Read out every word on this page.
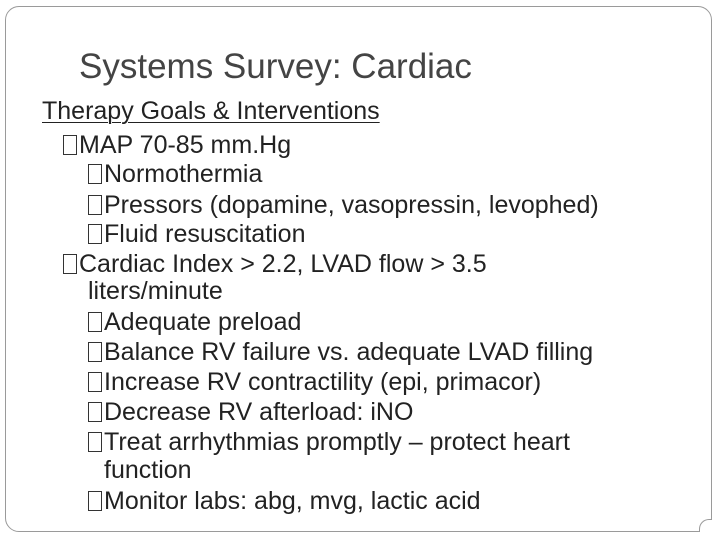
Systems Survey: Cardiac
Therapy Goals & Interventions
MAP 70-85 mm.Hg
Normothermia
Pressors (dopamine, vasopressin, levophed)
Fluid resuscitation
Cardiac Index > 2.2, LVAD flow > 3.5
liters/minute
Adequate preload
Balance RV failure vs. adequate LVAD filling
Increase RV contractility (epi, primacor)
Decrease RV afterload: iNO
Treat arrhythmias promptly – protect heart
function
Monitor labs: abg, mvg, lactic acid
